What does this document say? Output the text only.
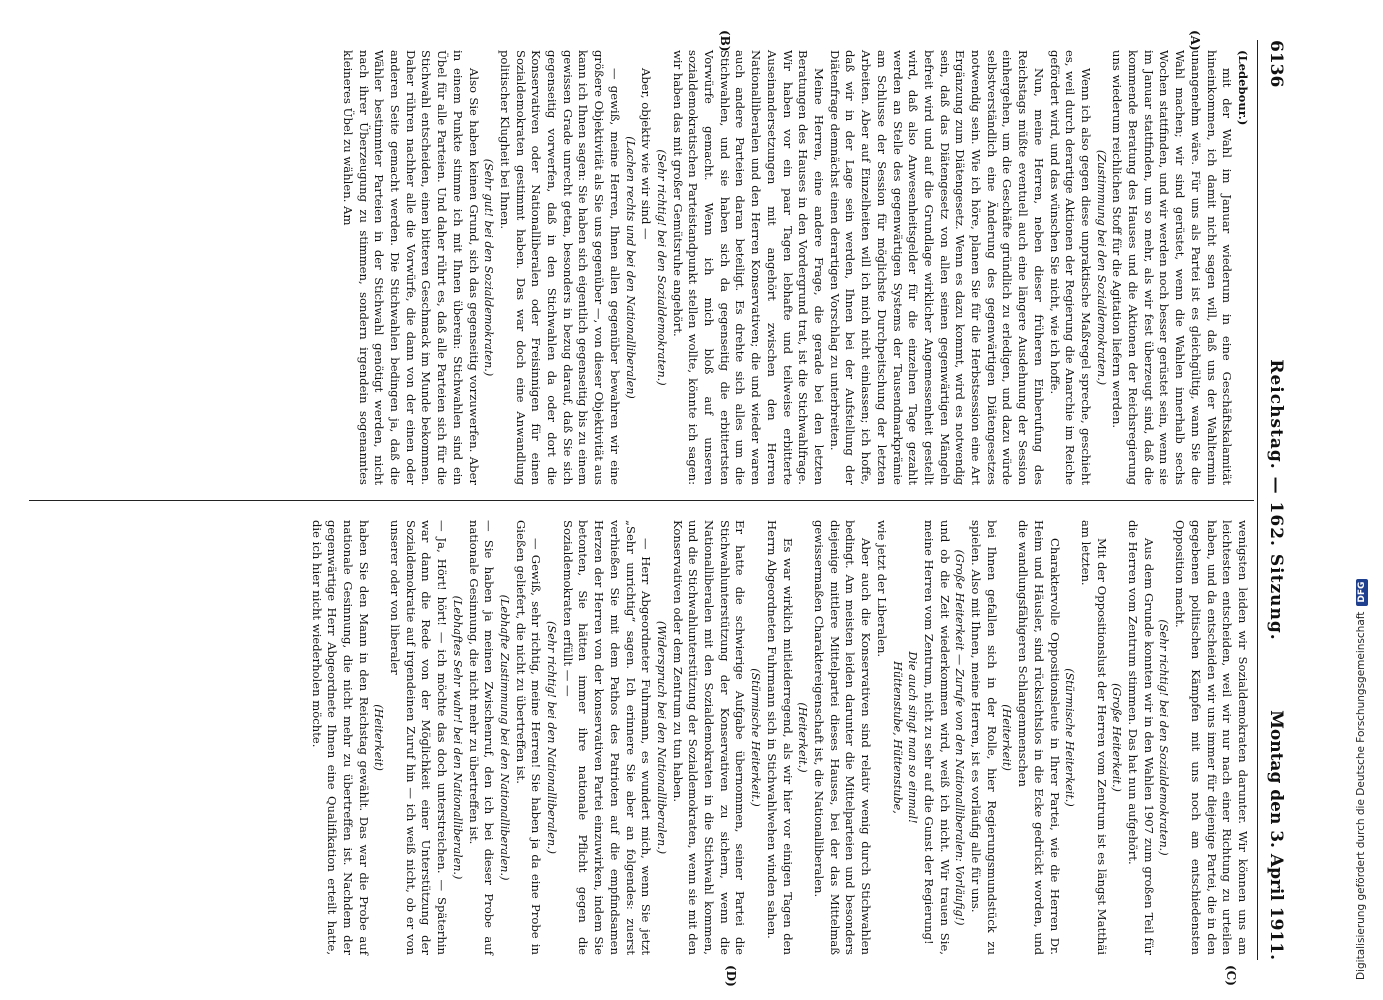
6136
Reichstag. — 162. Sitzung.
Montag den 3. April 1911.
(A)
(B)
(C)
(D)

(Ledebour.)

mit der Wahl im Januar wiederum in eine Geschäftskalamität hineinkommen, ich damit nicht sagen will, daß uns der Wahltermin unangenehm wäre. Für uns als Partei ist es gleichgültig, wann Sie die Wahl machen; wir sind gerüstet, wenn die Wahlen innerhalb sechs Wochen stattfinden, und wir werden noch besser gerüstet sein, wenn sie im Januar stattfinden, um so mehr, als wir fest überzeugt sind, daß die kommende Beratung des Hauses und die Aktionen der Reichsregierung uns wiederum reichlichen Stoff für die Agitation liefern werden.

(Zustimmung bei den Sozialdemokraten.)

Wenn ich also gegen diese unpraktische Maßregel spreche, geschieht es, weil durch derartige Aktionen der Regierung die Anarchie im Reiche gefördert wird, und das wünschen Sie nicht, wie ich hoffe.

Nun, meine Herren, neben dieser früheren Einberufung des Reichstags müßte eventuell auch eine längere Ausdehnung der Session einhergehen, um die Geschäfte gründlich zu erledigen, und dazu würde selbstverständlich eine Änderung des gegenwärtigen Diätengesetzes notwendig sein. Wie ich höre, planen Sie für die Herbstsession eine Art Ergänzung zum Diätengesetz. Wenn es dazu kommt, wird es notwendig sein, daß das Diätengesetz von allen seinen gegenwärtigen Mängeln befreit wird und auf die Grundlage wirklicher Angemessenheit gestellt wird, daß also Anwesenheitsgelder für die einzelnen Tage gezahlt werden an Stelle des gegenwärtigen Systems der Tausendmarkprämie am Schlusse der Session für möglichste Durchpeitschung der letzten Arbeiten. Aber auf Einzelheiten will ich mich nicht einlassen; ich hoffe, daß wir in der Lage sein werden, Ihnen bei der Aufstellung der Diätenfrage demnächst einen derartigen Vorschlag zu unterbreiten.

Meine Herren, eine andere Frage, die gerade bei den letzten Beratungen des Hauses in den Vordergrund trat, ist die Stichwahlfrage. Wir haben vor ein paar Tagen lebhafte und teilweise erbitterte Auseinandersetzungen mit angehört zwischen den Herren Nationalliberalen und den Herren Konservativen; die und wieder waren auch andere Parteien daran beteiligt. Es drehte sich alles um die Stichwahlen, und sie haben sich da gegenseitig die erbittertsten Vorwürfe gemacht. Wenn ich mich bloß auf unseren sozialdemokratischen Parteistandpunkt stellen wollte, könnte ich sagen: wir haben das mit großer Gemütsruhe angehört.

(Sehr richtig! bei den Sozialdemokraten.)

Aber, objektiv wie wir sind —

(Lachen rechts und bei den Nationalliberalen)

— gewiß, meine Herren, Ihnen allen gegenüber bewahren wir eine größere Objektivität als Sie uns gegenüber —, von dieser Objektivität aus kann ich Ihnen sagen: Sie haben sich eigentlich gegenseitig bis zu einem gewissen Grade unrecht getan, besonders in bezug darauf, daß Sie sich gegenseitig vorwerfen, daß in den Stichwahlen da oder dort die Konservativen oder Nationalliberalen oder Freisinnigen für einen Sozialdemokraten gestimmt haben. Das war doch eine Anwandlung politischer Klugheit bei Ihnen.

(Sehr gut! bei den Sozialdemokraten.)

Also Sie haben keinen Grund, sich das gegenseitig vorzuwerfen. Aber in einem Punkte stimme ich mit Ihnen überein: Stichwahlen sind ein Übel für alle Parteien. Und daher rührt es, daß alle Parteien sich für die Stichwahl entscheiden, einen bitteren Geschmack im Munde bekommen. Daher rühren nachher alle die Vorwürfe, die dann von der einen oder anderen Seite gemacht werden. Die Stichwahlen bedingen ja, daß die Wähler bestimmter Parteien in der Stichwahl genötigt werden, nicht nach ihrer Überzeugung zu stimmen, sondern irgendein sogenanntes kleineres Übel zu wählen. Am

wenigsten leiden wir Sozialdemokraten darunter. Wir können uns am leichtesten entscheiden, weil wir nur nach einer Richtung zu urteilen haben, und da entscheiden wir uns immer für diejenige Partei, die in den gegebenen politischen Kämpfen mit uns noch am entschiedensten Opposition macht.

(Sehr richtig! bei den Sozialdemokraten.)

Aus dem Grunde konnten wir in den Wahlen 1907 zum großen Teil für die Herren vom Zentrum stimmen. Das hat nun aufgehört.

(Große Heiterkeit.)

Mit der Oppositionslust der Herren vom Zentrum ist es längst Matthäi am letzten.

(Stürmische Heiterkeit.)

Charaktervolle Oppositionsleute in Ihrer Partei, wie die Herren Dr. Heim und Häusler, sind rücksichtslos in die Ecke gedrückt worden, und die wandlungsfähigeren Schlangenmenschen

(Heiterkeit)

bei Ihnen gefallen sich in der Rolle, hier Regierungsmundstück zu spielen. Also mit Ihnen, meine Herren, ist es vorläufig alle für uns.

(Große Heiterkeit — Zurufe von den Nationalliberalen: Vorläufig!)

und ob die Zeit wiederkommen wird, weiß ich nicht. Wir trauen Sie, meine Herren vom Zentrum, nicht zu sehr auf die Gunst der Regierung!

Die auch singt man so einmal!
Hüttenstube, Hüttenstube,

wie jetzt der Liberalen.

Aber auch die Konservativen sind relativ wenig durch Stichwahlen bedingt. Am meisten leiden darunter die Mittelparteien und besonders diejenige mittlere Mittelpartei dieses Hauses, bei der das Mittelmaß gewissermaßen Charaktereigenschaft ist, die Nationalliberalen.

(Heiterkeit.)

Es war wirklich mitleiderregend, als wir hier vor einigen Tagen den Herrn Abgeordneten Fuhrmann sich in Stichwahlwehen winden sahen.

(Stürmische Heiterkeit.)

Er hatte die schwierige Aufgabe übernommen, seiner Partei die Stichwahlunterstützung der Konservativen zu sichern, wenn die Nationalliberalen mit den Sozialdemokraten in die Stichwahl kommen, und die Stichwahlunterstützung der Sozialdemokraten, wenn sie mit den Konservativen oder dem Zentrum zu tun haben.

(Widerspruch bei den Nationalliberalen.)

— Herr Abgeordneter Fuhrmann, es wundert mich, wenn Sie jetzt „Sehr unrichtig“ sagen. Ich erinnere Sie aber an folgendes: zuerst verhießen Sie mit dem Pathos des Patrioten auf die empfindsamen Herzen der Herren von der konservativen Partei einzuwirken, indem Sie betonten, Sie hätten immer ihre nationale Pflicht gegen die Sozialdemokraten erfüllt — —

(Sehr richtig! bei den Nationalliberalen.)

— Gewiß, sehr richtig, meine Herren! Sie haben ja da eine Probe in Gießen geliefert, die nicht zu übertreffen ist.

(Lebhafte Zustimmung bei den Nationalliberalen.)

— Sie haben ja meinen Zwischenruf, den ich bei dieser Probe auf nationale Gesinnung, die nicht mehr zu übertreffen ist.

(Lebhaftes Sehr wahr! bei den Nationalliberalen.)

— Ja, Hört! hört! — ich möchte das doch unterstreichen. — Späterhin war dann die Rede von der Möglichkeit einer Unterstützung der Sozialdemokratie auf irgendeinen Zuruf hin — ich weiß nicht, ob er von unserer oder von liberaler

(Heiterkeit)

haben Sie den Mann in den Reichstag gewählt. Das war die Probe auf nationale Gesinnung, die nicht mehr zu übertreffen ist. Nachdem der gegenwärtige Herr Abgeordnete Ihnen eine Qualifikation erteilt hatte, die ich hier nicht wiederholen möchte.	Digitalisierung gefördert durch die Deutsche ForschungsgemeinschaftDFG
